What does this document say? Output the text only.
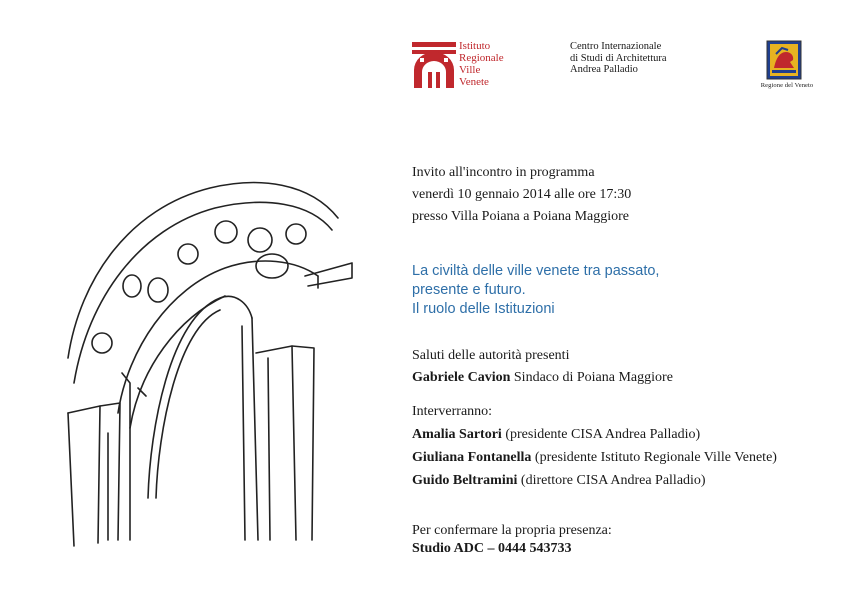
Istituto
Regionale
Ville
Venete
Centro Internazionale
di Studi di Architettura
Andrea Palladio
Regione del Veneto
Invito all'incontro in programma
venerdì 10 gennaio 2014 alle ore 17:30
presso Villa Poiana a Poiana Maggiore
La civiltà delle ville venete tra passato,
presente e futuro.
Il ruolo delle Istituzioni
Saluti delle autorità presenti
Gabriele Cavion Sindaco di Poiana Maggiore
Interverranno:
Amalia Sartori (presidente CISA Andrea Palladio)
Giuliana Fontanella (presidente Istituto Regionale Ville Venete)
Guido Beltramini (direttore CISA Andrea Palladio)
Per confermare la propria presenza:
Studio ADC – 0444 543733
